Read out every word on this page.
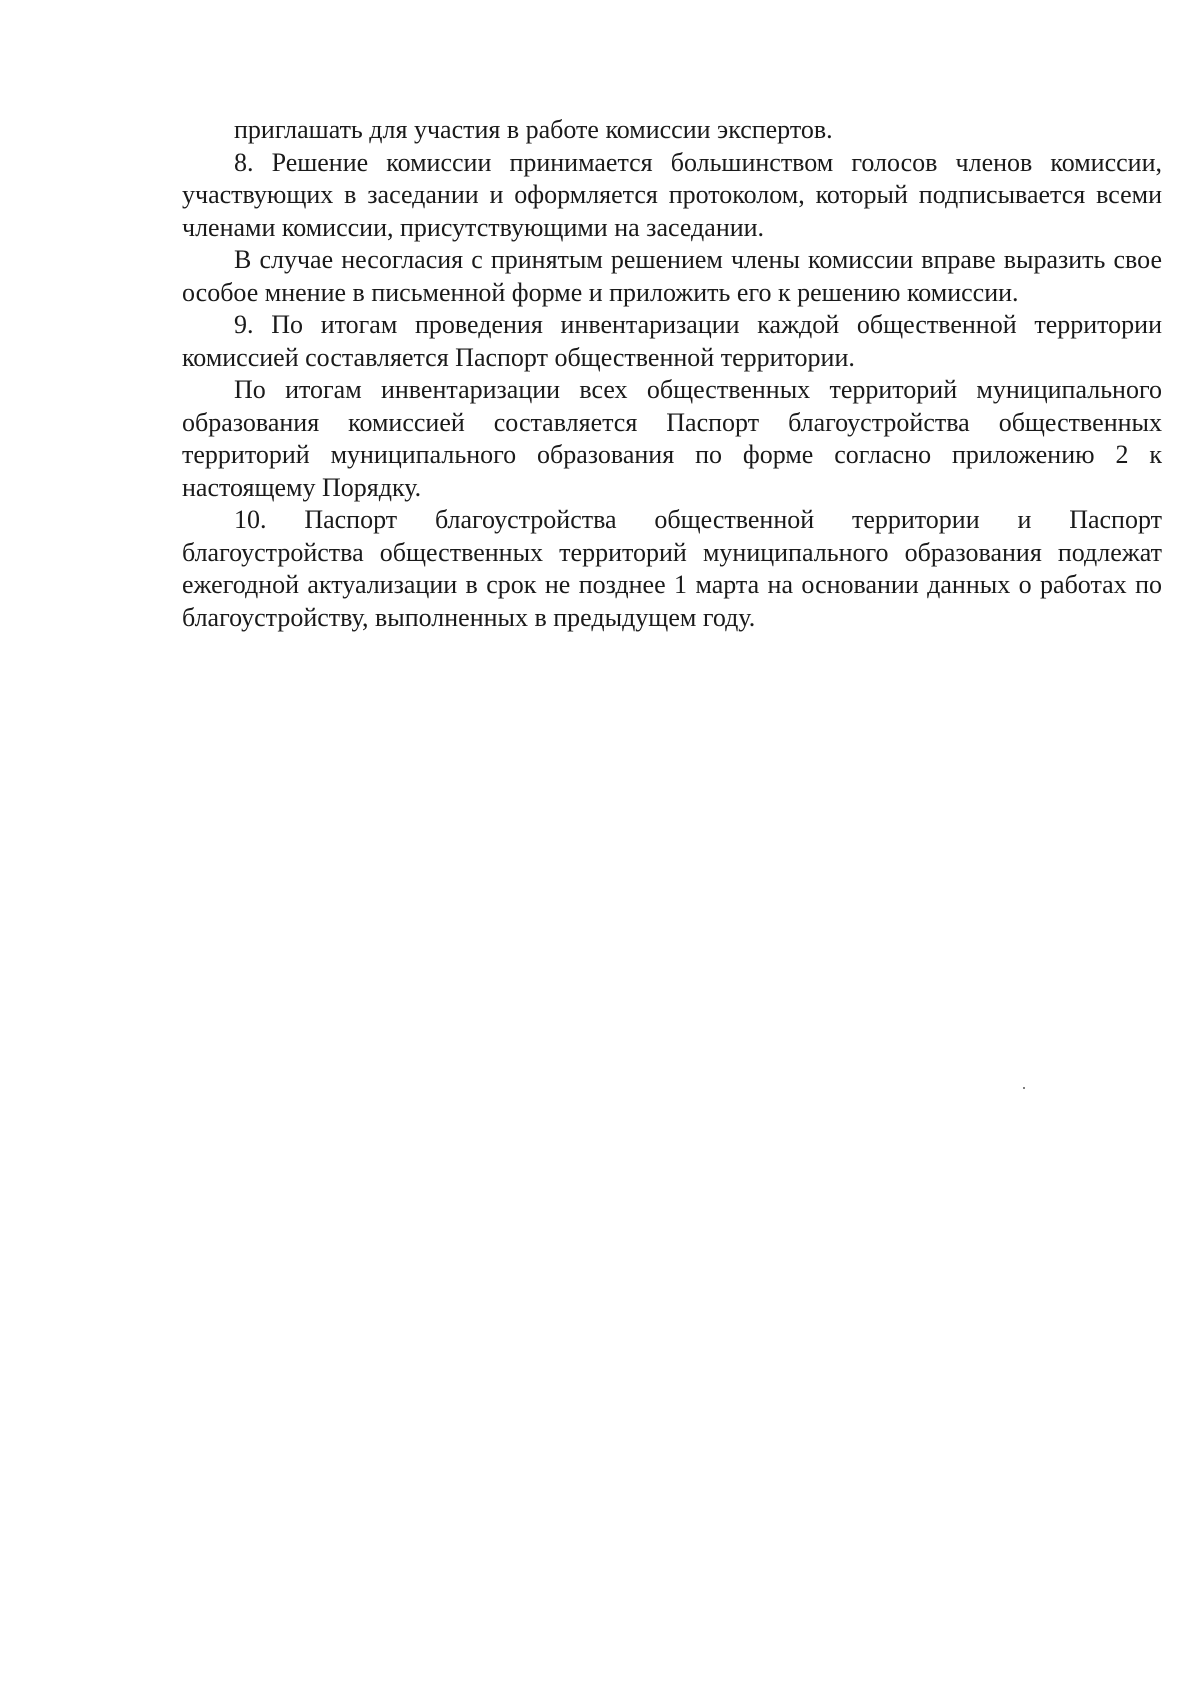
приглашать для участия в работе комиссии экспертов.

8. Решение комиссии принимается большинством голосов членов комиссии, участвующих в заседании и оформляется протоколом, который подписывается всеми членами комиссии, присутствующими на заседании.

В случае несогласия с принятым решением члены комиссии вправе выразить свое особое мнение в письменной форме и приложить его к решению комиссии.

9. По итогам проведения инвентаризации каждой общественной территории комиссией составляется Паспорт общественной территории.

По итогам инвентаризации всех общественных территорий муниципального образования комиссией составляется Паспорт благоустройства общественных территорий муниципального образования по форме согласно приложению 2 к настоящему Порядку.

10. Паспорт благоустройства общественной территории и Паспорт благоустройства общественных территорий муниципального образования подлежат ежегодной актуализации в срок не позднее 1 марта на основании данных о работах по благоустройству, выполненных в предыдущем году.
